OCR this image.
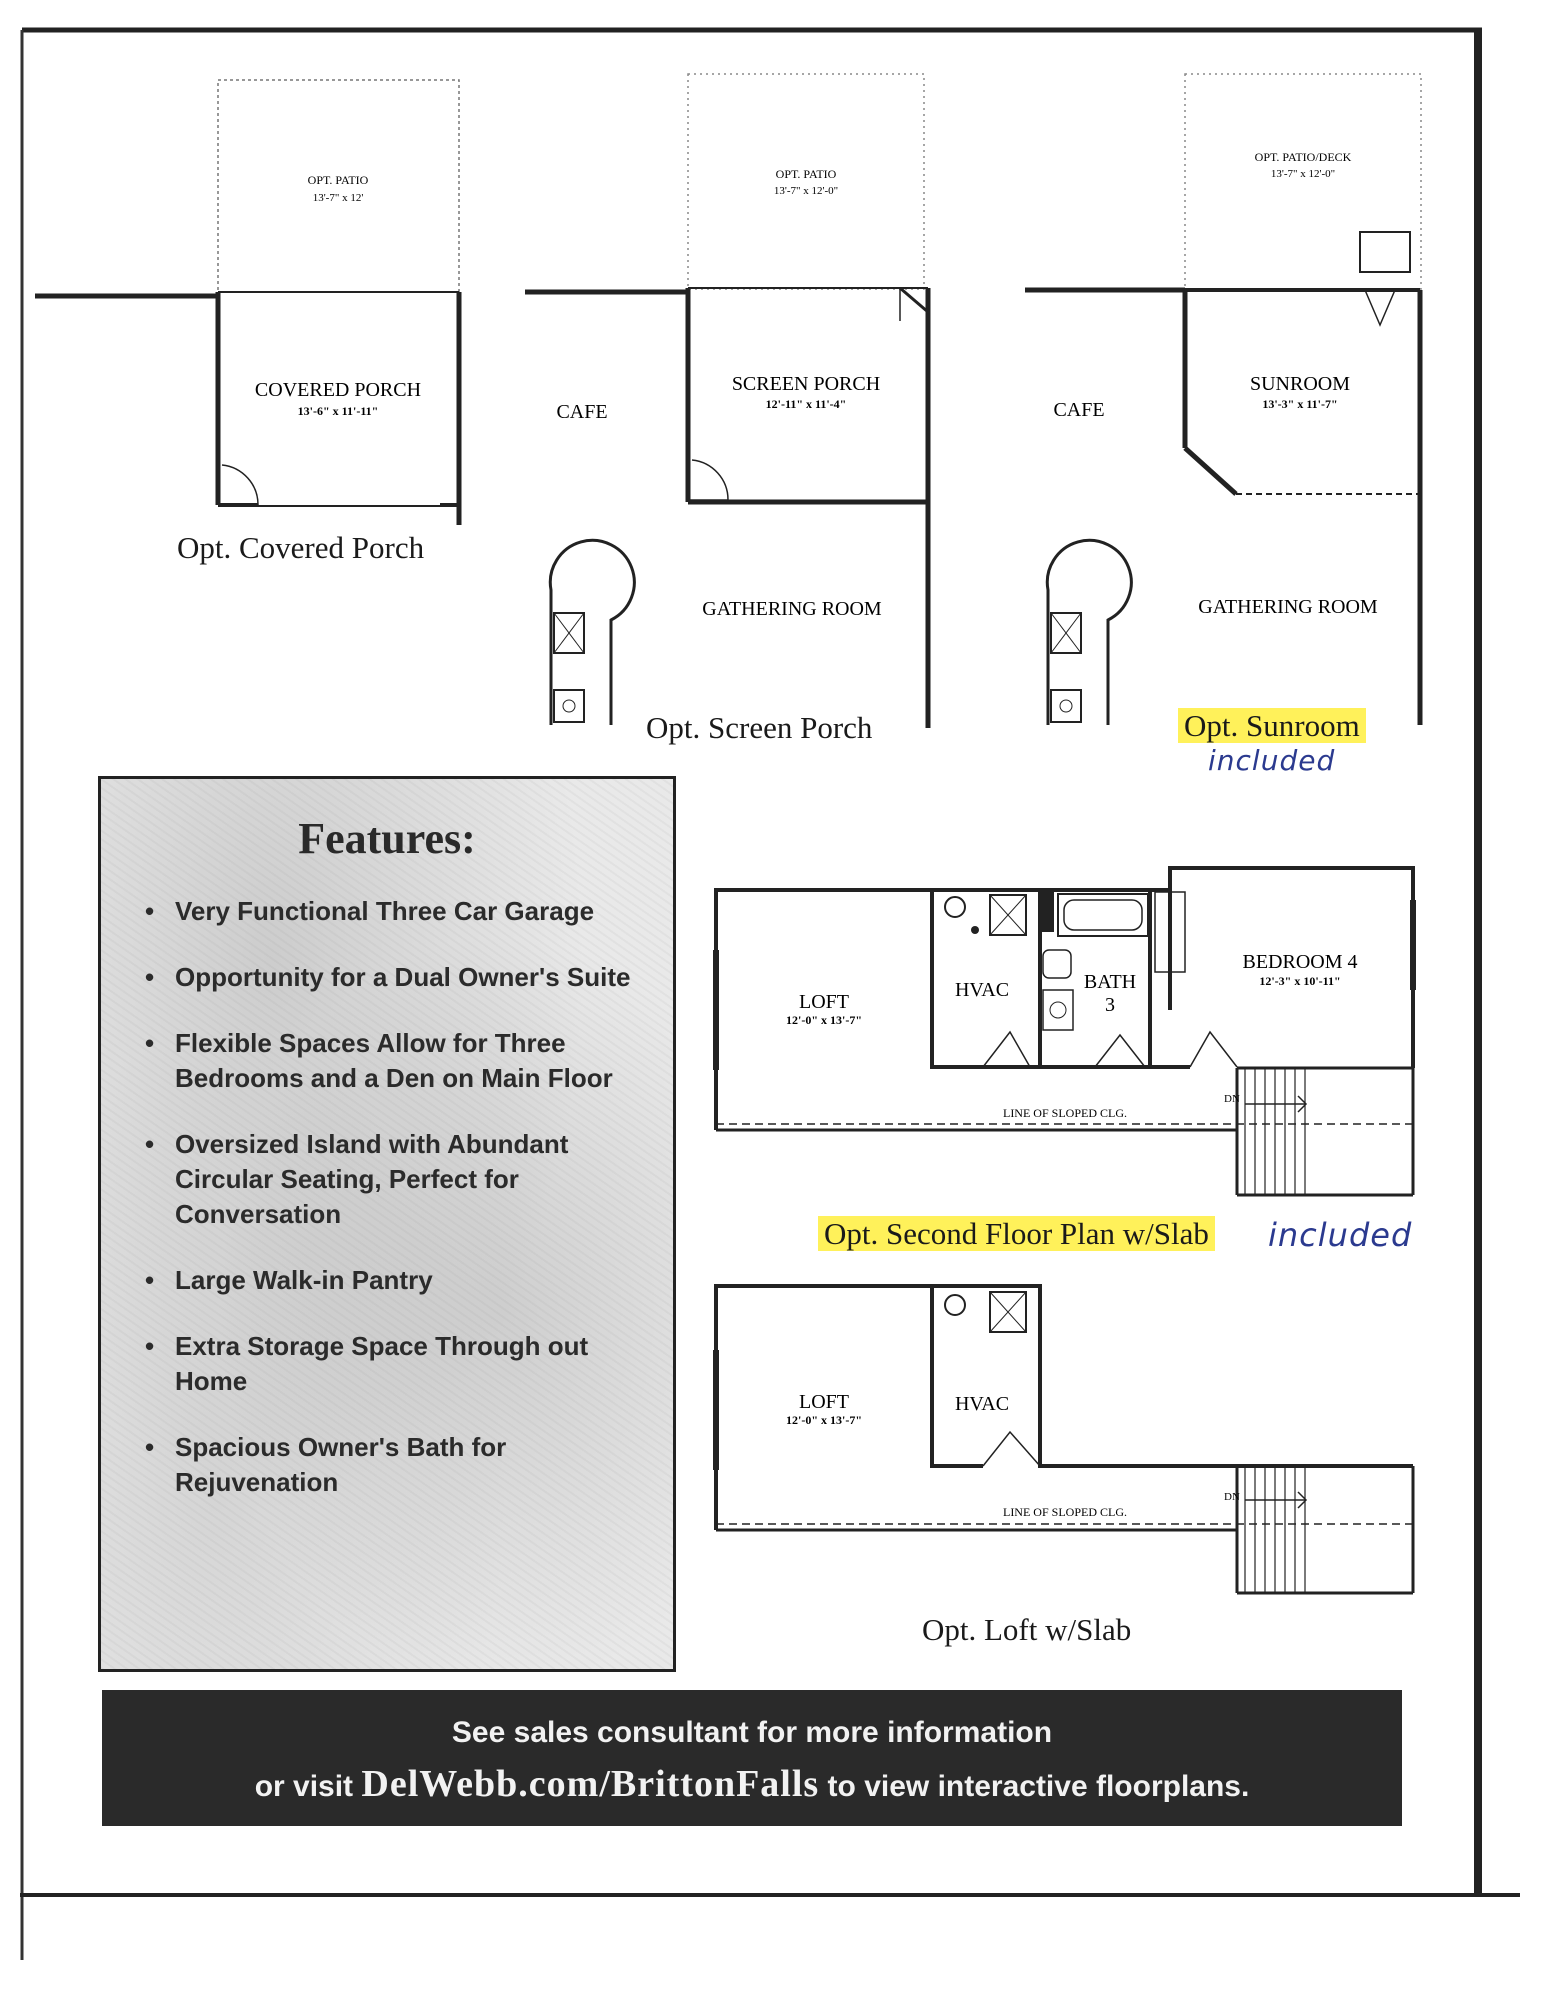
OPT. PATIO
13'-7" x 12'
COVERED PORCH
13'-6" x 11'-11"
Opt. Covered Porch
OPT. PATIO
13'-7" x 12'-0"
CAFE
SCREEN PORCH
12'-11" x 11'-4"
GATHERING ROOM
Opt. Screen Porch
OPT. PATIO/DECK
13'-7" x 12'-0"
CAFE
SUNROOM
13'-3" x 11'-7"
GATHERING ROOM
Opt. Sunroom
included
Features:
• Very Functional Three Car Garage
• Opportunity for a Dual Owner's Suite
• Flexible Spaces Allow for Three Bedrooms and a Den on Main Floor
• Oversized Island with Abundant Circular Seating, Perfect for Conversation
• Large Walk-in Pantry
• Extra Storage Space Through out Home
• Spacious Owner's Bath for Rejuvenation
LOFT
12'-0" x 13'-7"
HVAC	BATH
3
BEDROOM 4
12'-3" x 10'-11"
DN
LINE OF SLOPED CLG.
Opt. Second Floor Plan w/Slab included
LOFT
12'-0" x 13'-7"
HVAC
DN
LINE OF SLOPED CLG.
Opt. Loft w/Slab
See sales consultant for more information
or visit DelWebb.com/BrittonFalls to view interactive floorplans.
